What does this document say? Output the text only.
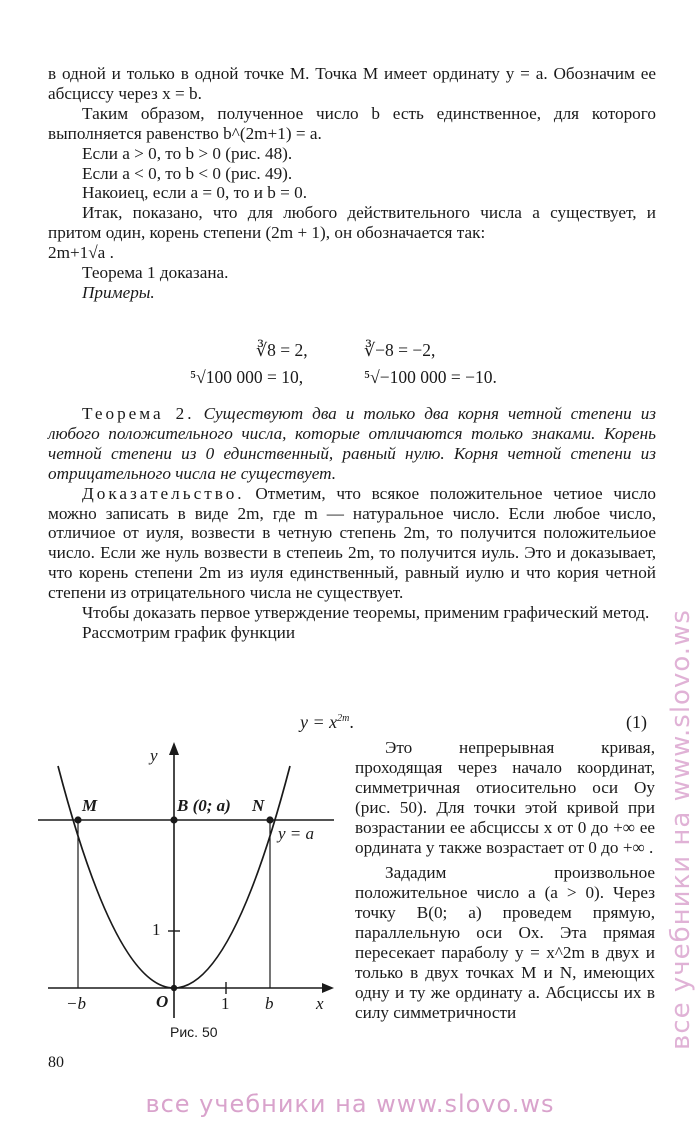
в одной и только в одной точке M. Точка M имеет ординату y = a. Обозначим ее абсциссу через x = b.

Таким образом, полученное число b есть единственное, для которого выполняется равенство b^(2m+1) = a.

Если a > 0, то b > 0 (рис. 48).

Если a < 0, то b < 0 (рис. 49).

Накоиец, если a = 0, то и b = 0.

Итак, показано, что для любого действительного числа a существует, и притом один, корень степени (2m + 1), он обозначается так:

2m+1√a .

Теорема 1 доказана.

Примеры.

∛8 = 2,	∛−8 = −2,
⁵√100 000 = 10,	⁵√−100 000 = −10.

Теорема 2. Существуют два и только два корня четной степени из любого положительного числа, которые отличаются только знаками. Корень четной степени из 0 единственный, равный нулю. Корня четной степени из отрицательного числа не существует.

Доказательство. Отметим, что всякое положительное четиое число можно записать в виде 2m, где m — натуральное число. Если любое число, отличиое от иуля, возвести в четную степень 2m, то получится положительиое число. Если же нуль возвести в степеиь 2m, то получится иуль. Это и доказывает, что корень степени 2m из иуля единственный, равный иулю и что кория четной степени из отрицательного числа не существует.

Чтобы доказать первое утверждение теоремы, применим графический метод.

Рассмотрим график функции

$y = x^{2m}$.	(1)
y
x
M	B (0; a) N
y = a
1
1
O
−b	b
Рис. 50

Это непрерывная кривая, проходящая через начало координат, симметричная отиосительно оси Oy (рис. 50). Для точки этой кривой при возрастании ее абсциссы x от 0 до +∞ ее ордината y также возрастает от 0 до +∞ .

Зададим произвольное положительное число a (a > 0). Через точку B(0; a) проведем прямую, параллельную оси Ox. Эта прямая пересекает параболу y = x^2m в двух и только в двух точках M и N, имеющих одну и ту же ординату a. Абсциссы их в силу симметричности

80
все учебники на www.slovo.ws
все учебники на www.slovo.ws
